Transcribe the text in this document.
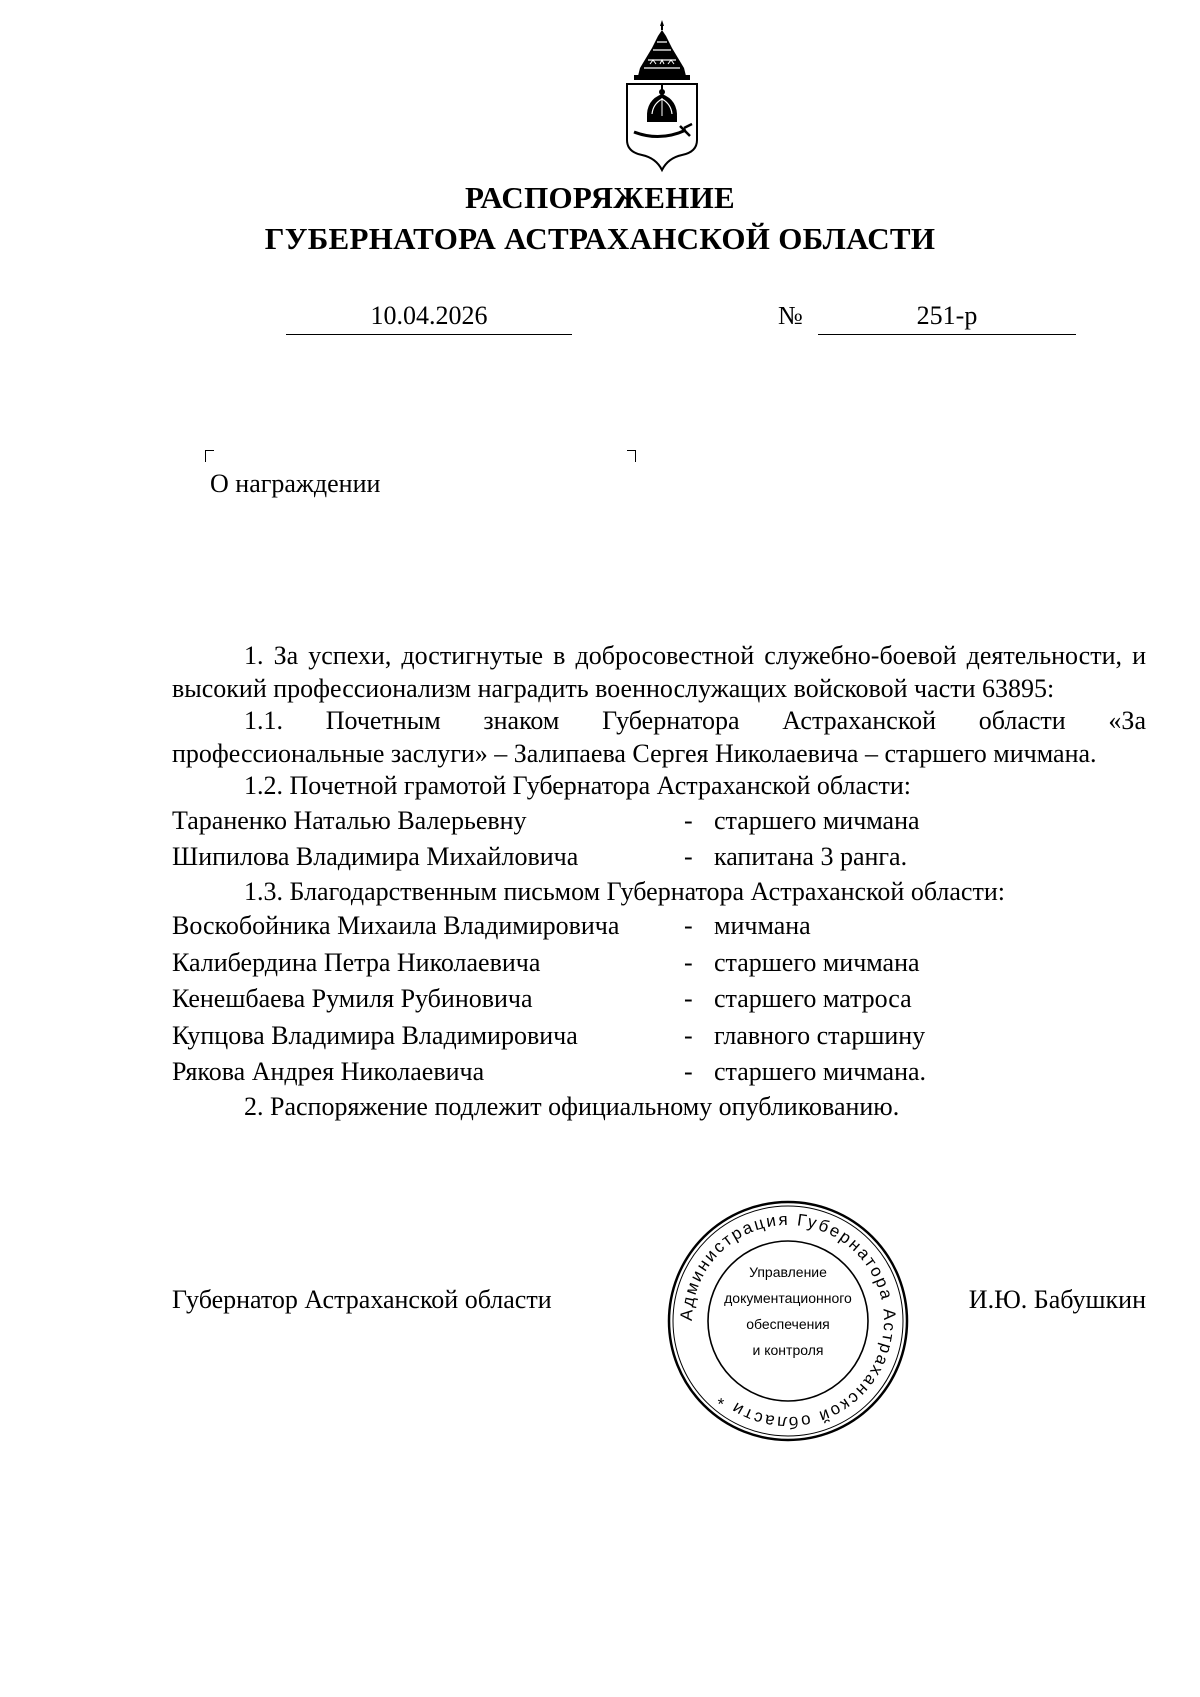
РАСПОРЯЖЕНИЕ
ГУБЕРНАТОРА АСТРАХАНСКОЙ ОБЛАСТИ
10.04.2026	№	251-р
О награждении

1. За успехи, достигнутые в добросовестной служебно-боевой деятельности, и высокий профессионализм наградить военнослужащих войсковой части 63895:

1.1. Почетным знаком Губернатора Астраханской области «За профессиональные заслуги» – Залипаева Сергея Николаевича – старшего мичмана.

1.2. Почетной грамотой Губернатора Астраханской области:

Тараненко Наталью Валерьевну	- старшего мичмана
Шипилова Владимира Михайловича	- капитана 3 ранга.

1.3. Благодарственным письмом Губернатора Астраханской области:

Воскобойника Михаила Владимировича	- мичмана
Калибердина Петра Николаевича	- старшего мичмана
Кенешбаева Румиля Рубиновича	- старшего матроса
Купцова Владимира Владимировича	- главного старшину
Рякова Андрея Николаевича	- старшего мичмана.

2. Распоряжение подлежит официальному опубликованию.

Губернатор Астраханской области	И.Ю. Бабушкин
Администрация Губернатора Астраханской области *
Управление
документационного
обеспечения
и контроля
